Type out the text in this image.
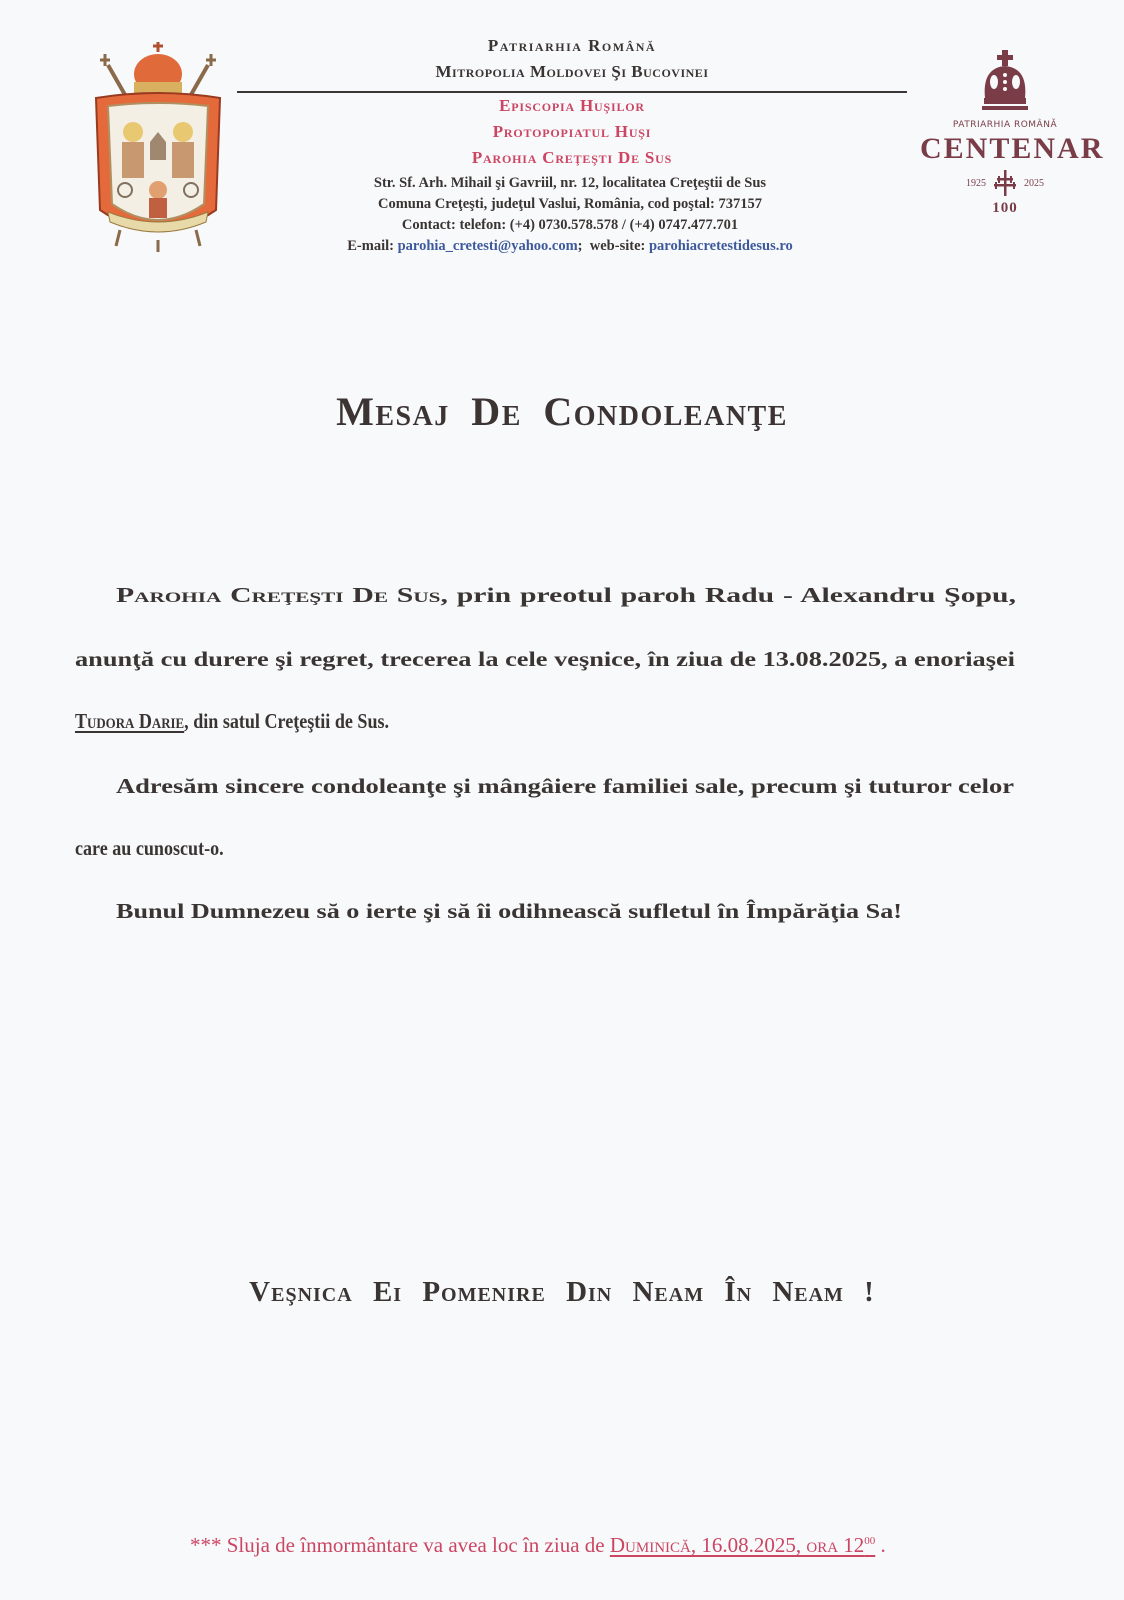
Patriarhia Română
Mitropolia Moldovei Şi Bucovinei
Episcopia Huşilor
Protopopiatul Huşi
Parohia Creţeşti De Sus
Str. Sf. Arh. Mihail şi Gavriil, nr. 12, localitatea Creţeştii de Sus
Comuna Creţeşti, judeţul Vaslui, România, cod poştal: 737157
Contact: telefon: (+4) 0730.578.578 / (+4) 0747.477.701
E-mail: parohia_cretesti@yahoo.com;  web-site: parohiacretestidesus.ro
PATRIARHIA ROMÂNĂ
CENTENAR
1925	2025
100
Mesaj De Condoleanţe
Parohia Creţeşti De Sus, prin preotul paroh Radu - Alexandru Şopu,
anunţă cu durere şi regret, trecerea la cele veşnice, în ziua de 13.08.2025, a enoriaşei
Tudora Darie, din satul Creţeştii de Sus.
Adresăm sincere condoleanţe şi mângâiere familiei sale, precum şi tuturor celor
care au cunoscut-o.
Bunul Dumnezeu să o ierte şi să îi odihnească sufletul în Împărăţia Sa!
Veşnica Ei Pomenire Din Neam În Neam !
*** Sluja de înmormântare va avea loc în ziua de Duminică, 16.08.2025, ora $12^{00}$ .
